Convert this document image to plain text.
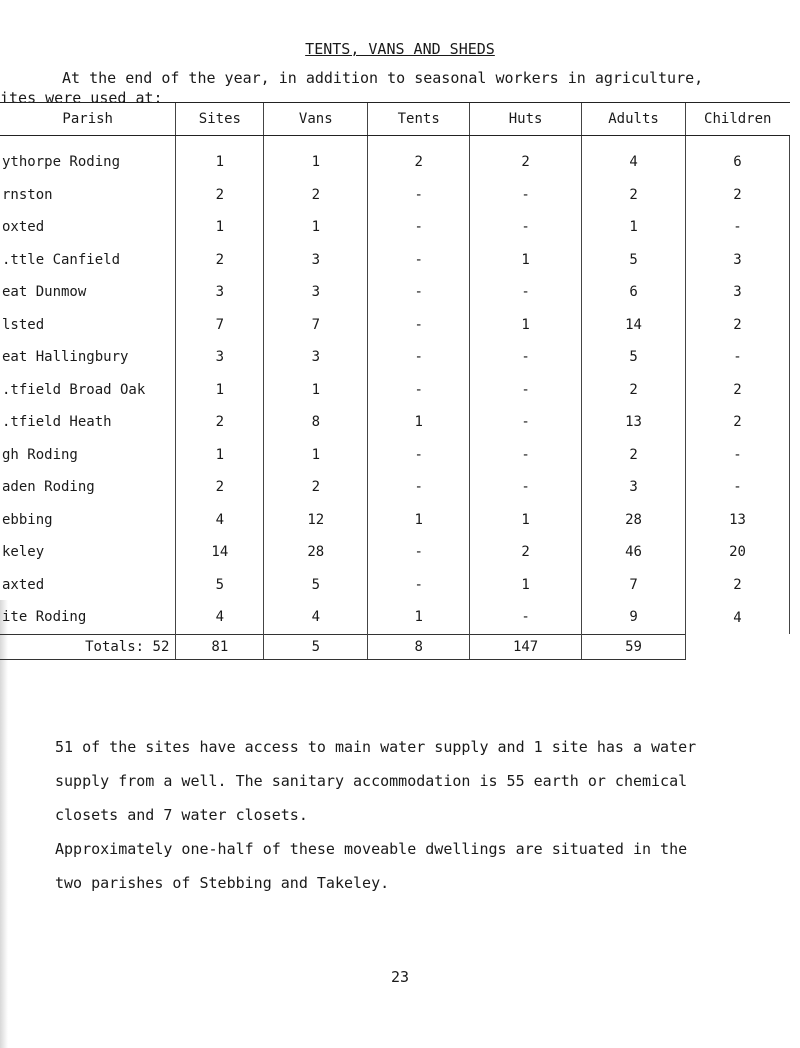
TENTS, VANS AND SHEDS
At the end of the year, in addition to seasonal workers in agriculture,
ites were used at:
Parish	Sites	Vans	Tents	Huts	Adults	Children
ythorpe Roding	1	1	2	2	4	6
rnston	2	2	-	-	2	2
oxted	1	1	-	-	1	-
.ttle Canfield	2	3	-	1	5	3
eat Dunmow	3	3	-	-	6	3
lsted	7	7	-	1	14	2
eat Hallingbury	3	3	-	-	5	-
.tfield Broad Oak	1	1	-	-	2	2
.tfield Heath	2	8	1	-	13	2
gh Roding	1	1	-	-	2	-
aden Roding	2	2	-	-	3	-
ebbing	4	12	1	1	28	13
keley	14	28	-	2	46	20
axted	5	5	-	1	7	2
ite Roding	4	4	1	-	9	4
Totals: 52	81	5	8	147	59	

51 of the sites have access to main water supply and 1 site has a water

supply from a well. The sanitary accommodation is 55 earth or chemical

closets and 7 water closets.

Approximately one-half of these moveable dwellings are situated in the

two parishes of Stebbing and Takeley.

23
